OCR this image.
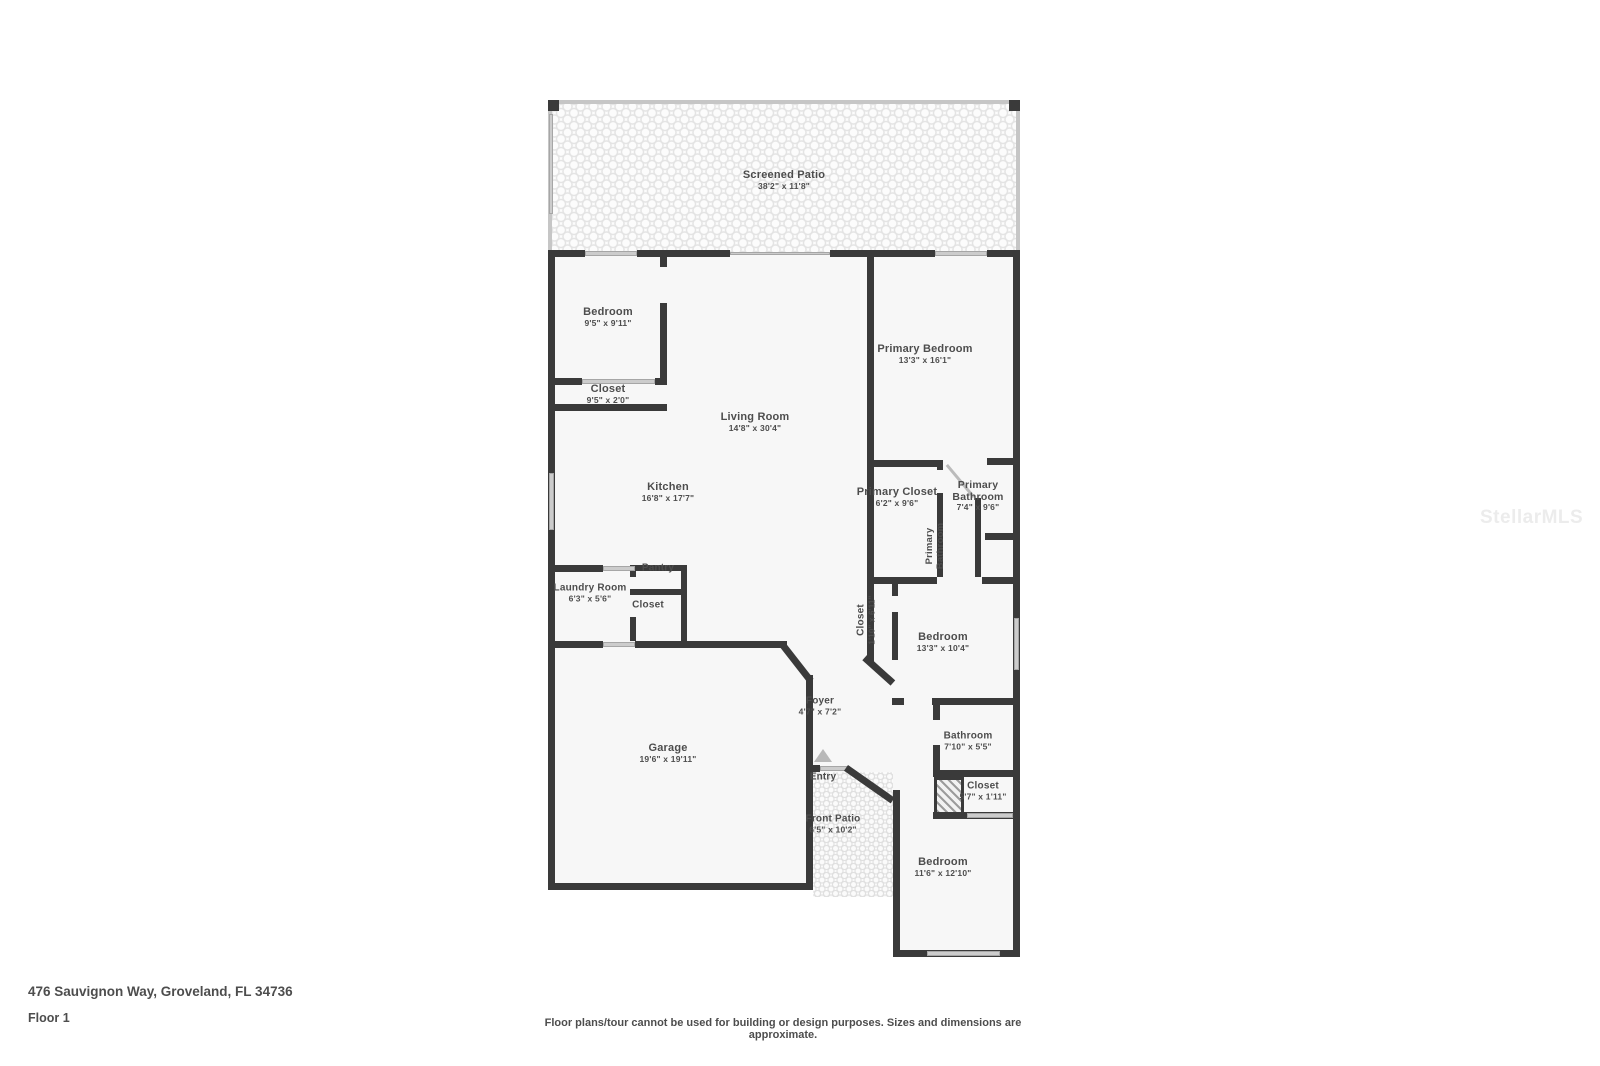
Screened Patio
38'2" x 11'8"
Bedroom
9'5" x 9'11"
Closet
9'5" x 2'0"
Living Room
14'8" x 30'4"
Primary Bedroom
13'3" x 16'1"
Kitchen
16'8" x 17'7"	Primary Closet
6'2" x 9'6"
Primary Bathroom
7'4" x 9'6"
Primary Bathroom
Pantry
Laundry Room
6'3" x 5'6"
Closet	Closet 1'10" x 6'11"	Bedroom
13'3" x 10'4"
Foyer
4'7" x 7'2"
Garage
19'6" x 19'11"
Bathroom
7'10" x 5'5"
Entry
Front Patio
6'5" x 10'2"
Closet
5'7" x 1'11"
Bedroom
11'6" x 12'10"
StellarMLS
476 Sauvignon Way, Groveland, FL 34736
Floor 1	Floor plans/tour cannot be used for building or design purposes. Sizes and dimensions are approximate.
